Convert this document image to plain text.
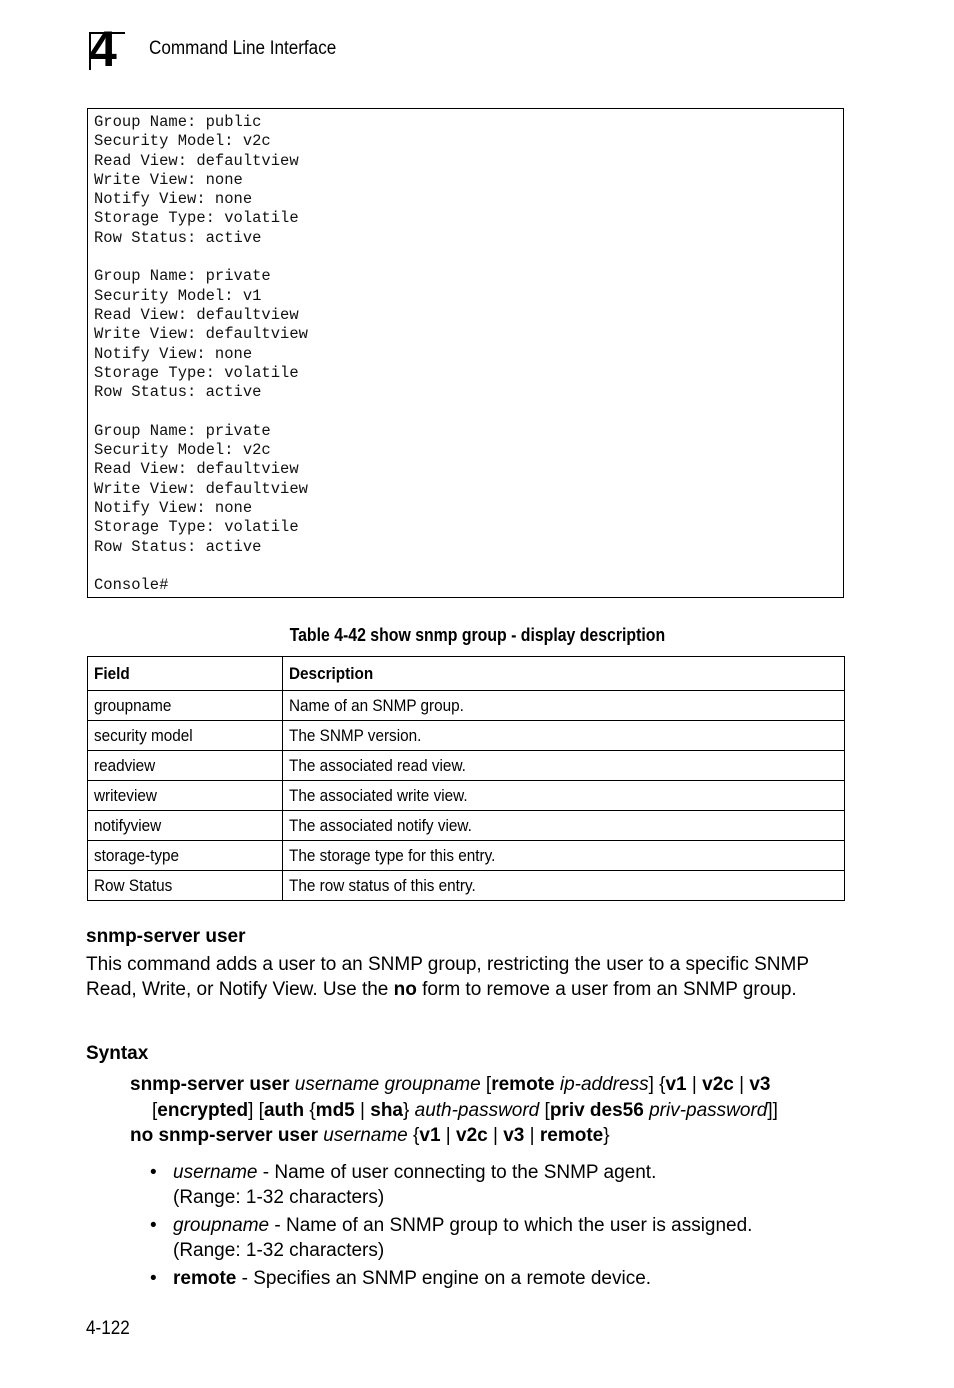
4 Command Line Interface
Group Name: public
Security Model: v2c
Read View: defaultview
Write View: none
Notify View: none
Storage Type: volatile
Row Status: active
Group Name: private
Security Model: v1
Read View: defaultview
Write View: defaultview
Notify View: none
Storage Type: volatile
Row Status: active
Group Name: private
Security Model: v2c
Read View: defaultview
Write View: defaultview
Notify View: none
Storage Type: volatile
Row Status: active
Console#
Table 4-42 show snmp group - display description
Field	Description
groupname	Name of an SNMP group.
security model	The SNMP version.
readview	The associated read view.
writeview	The associated write view.
notifyview	The associated notify view.
storage-type	The storage type for this entry.
Row Status	The row status of this entry.
snmp-server user
This command adds a user to an SNMP group, restricting the user to a specific SNMP Read, Write, or Notify View. Use the no form to remove a user from an SNMP group.
Syntax
snmp-server user username groupname [remote ip-address] {v1 | v2c | v3
[encrypted] [auth {md5 | sha} auth-password [priv des56 priv-password]]
no snmp-server user username {v1 | v2c | v3 | remote}
• username - Name of user connecting to the SNMP agent.
(Range: 1-32 characters)
• groupname - Name of an SNMP group to which the user is assigned.
(Range: 1-32 characters)
• remote - Specifies an SNMP engine on a remote device.
4-122
